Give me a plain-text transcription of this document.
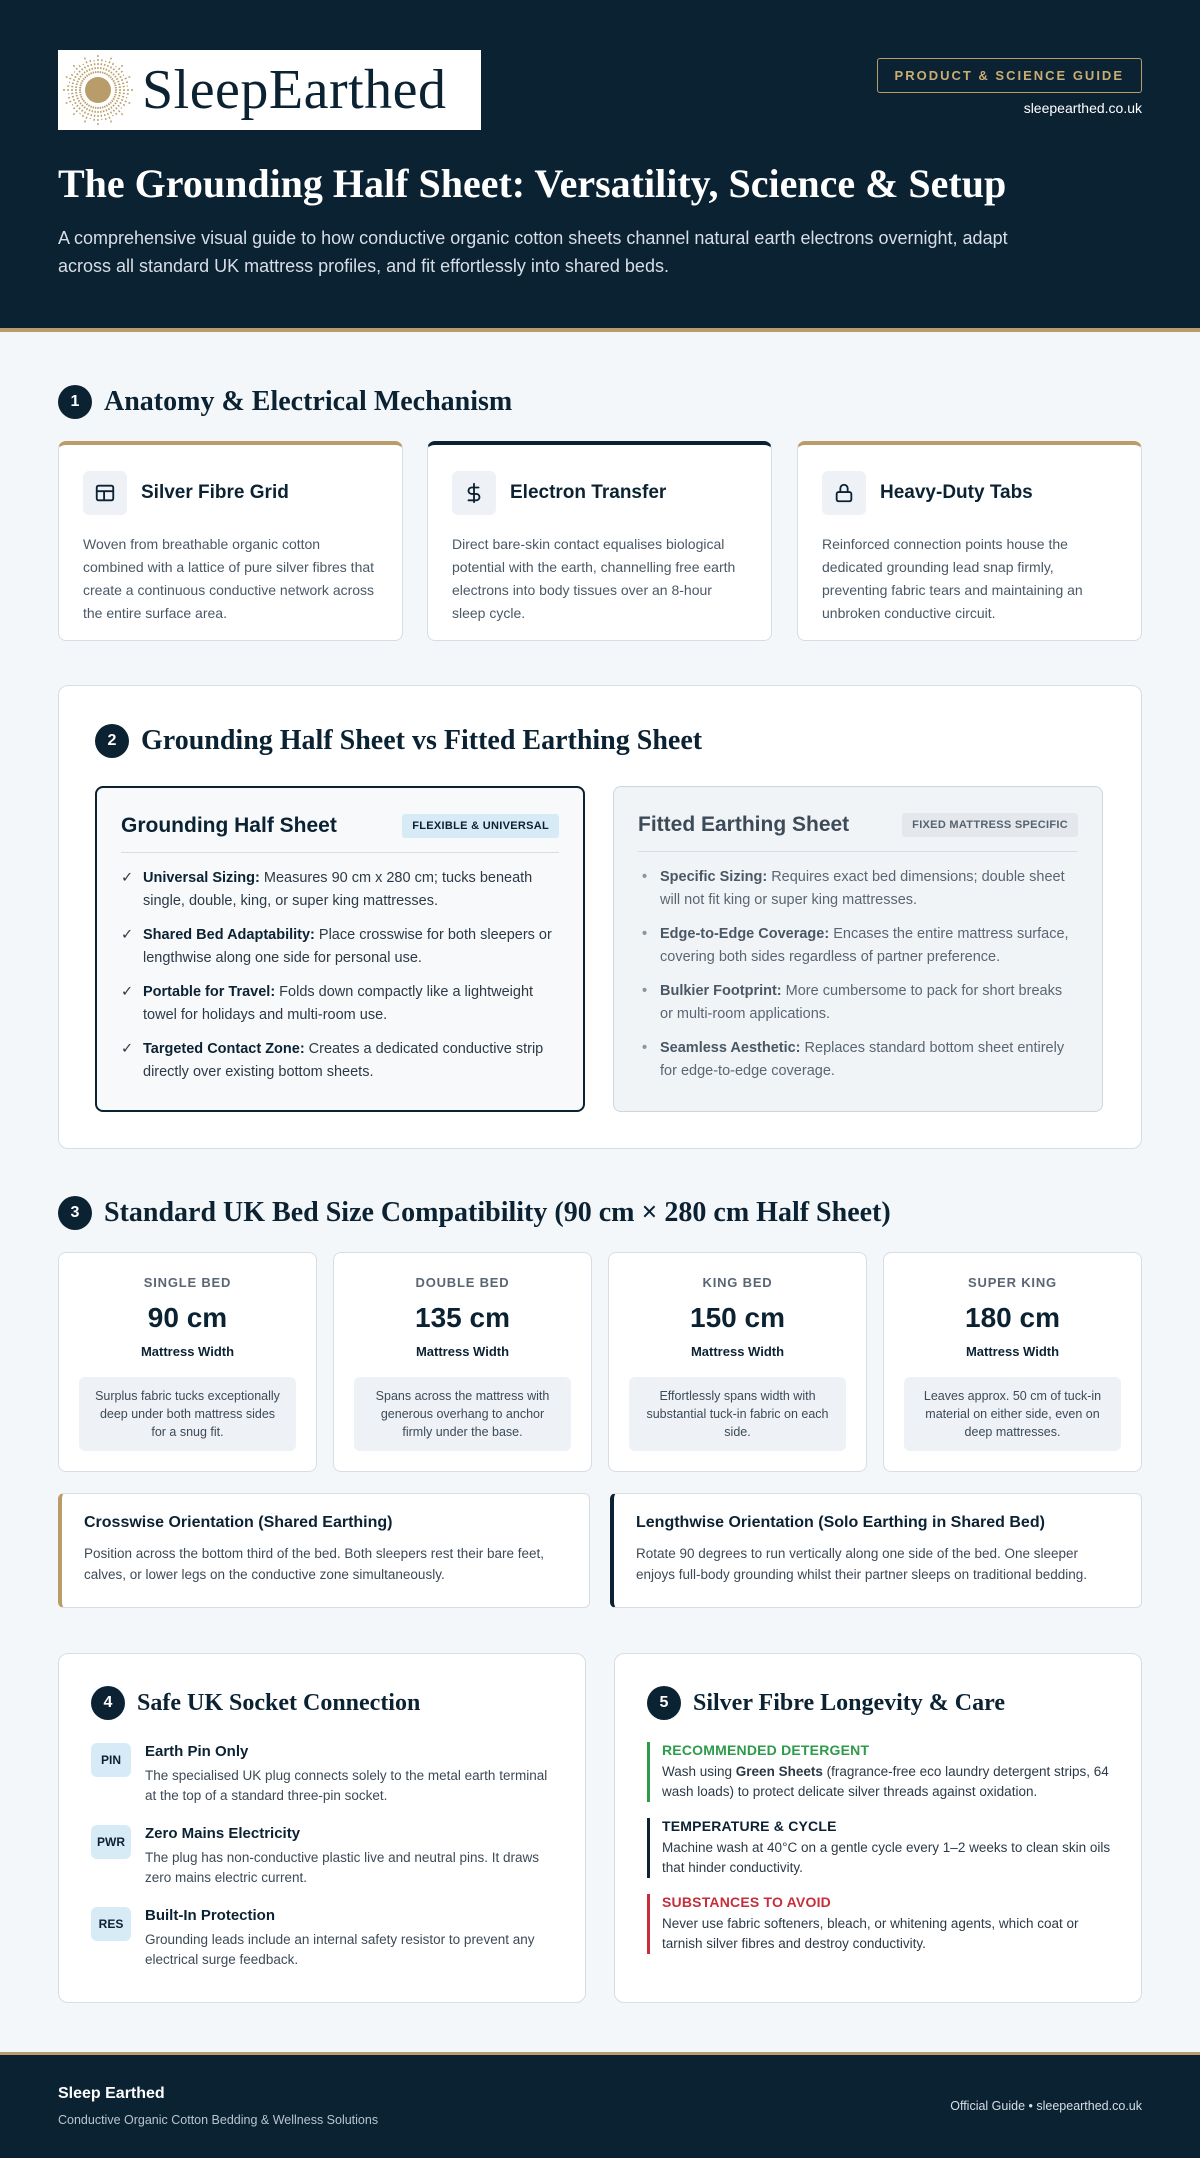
SleepEarthed	PRODUCT & SCIENCE GUIDE
sleepearthed.co.uk
The Grounding Half Sheet: Versatility, Science & Setup

A comprehensive visual guide to how conductive organic cotton sheets channel natural earth electrons overnight, adapt across all standard UK mattress profiles, and fit effortlessly into shared beds.

1 Anatomy & Electrical Mechanism
Silver Fibre Grid
Woven from breathable organic cotton combined with a lattice of pure silver fibres that create a continuous conductive network across the entire surface area.
Electron Transfer
Direct bare-skin contact equalises biological potential with the earth, channelling free earth electrons into body tissues over an 8-hour sleep cycle.
Heavy-Duty Tabs
Reinforced connection points house the dedicated grounding lead snap firmly, preventing fabric tears and maintaining an unbroken conductive circuit.
2 Grounding Half Sheet vs Fitted Earthing Sheet
Grounding Half Sheet	FLEXIBLE & UNIVERSAL
✓ Universal Sizing: Measures 90 cm x 280 cm; tucks beneath single, double, king, or super king mattresses.
✓ Shared Bed Adaptability: Place crosswise for both sleepers or lengthwise along one side for personal use.
✓ Portable for Travel: Folds down compactly like a lightweight towel for holidays and multi-room use.
✓ Targeted Contact Zone: Creates a dedicated conductive strip directly over existing bottom sheets.
Fitted Earthing Sheet	FIXED MATTRESS SPECIFIC
• Specific Sizing: Requires exact bed dimensions; double sheet will not fit king or super king mattresses.
• Edge-to-Edge Coverage: Encases the entire mattress surface, covering both sides regardless of partner preference.
• Bulkier Footprint: More cumbersome to pack for short breaks or multi-room applications.
• Seamless Aesthetic: Replaces standard bottom sheet entirely for edge-to-edge coverage.
3 Standard UK Bed Size Compatibility (90 cm × 280 cm Half Sheet)
SINGLE BED
90 cm
Mattress Width
Surplus fabric tucks exceptionally deep under both mattress sides for a snug fit.
DOUBLE BED
135 cm
Mattress Width
Spans across the mattress with generous overhang to anchor firmly under the base.
KING BED
150 cm
Mattress Width
Effortlessly spans width with substantial tuck-in fabric on each side.
SUPER KING
180 cm
Mattress Width
Leaves approx. 50 cm of tuck-in material on either side, even on deep mattresses.
Crosswise Orientation (Shared Earthing)
Position across the bottom third of the bed. Both sleepers rest their bare feet, calves, or lower legs on the conductive zone simultaneously.
Lengthwise Orientation (Solo Earthing in Shared Bed)
Rotate 90 degrees to run vertically along one side of the bed. One sleeper enjoys full-body grounding whilst their partner sleeps on traditional bedding.
4	Safe UK Socket Connection
PIN	Earth Pin Only
The specialised UK plug connects solely to the metal earth terminal at the top of a standard three-pin socket.
PWR	Zero Mains Electricity
The plug has non-conductive plastic live and neutral pins. It draws zero mains electric current.
RES	Built-In Protection
Grounding leads include an internal safety resistor to prevent any electrical surge feedback.
5	Silver Fibre Longevity & Care
RECOMMENDED DETERGENT
Wash using Green Sheets (fragrance-free eco laundry detergent strips, 64 wash loads) to protect delicate silver threads against oxidation.
TEMPERATURE & CYCLE
Machine wash at 40°C on a gentle cycle every 1–2 weeks to clean skin oils that hinder conductivity.
SUBSTANCES TO AVOID
Never use fabric softeners, bleach, or whitening agents, which coat or tarnish silver fibres and destroy conductivity.
Sleep Earthed
Conductive Organic Cotton Bedding & Wellness Solutions
Official Guide • sleepearthed.co.uk
